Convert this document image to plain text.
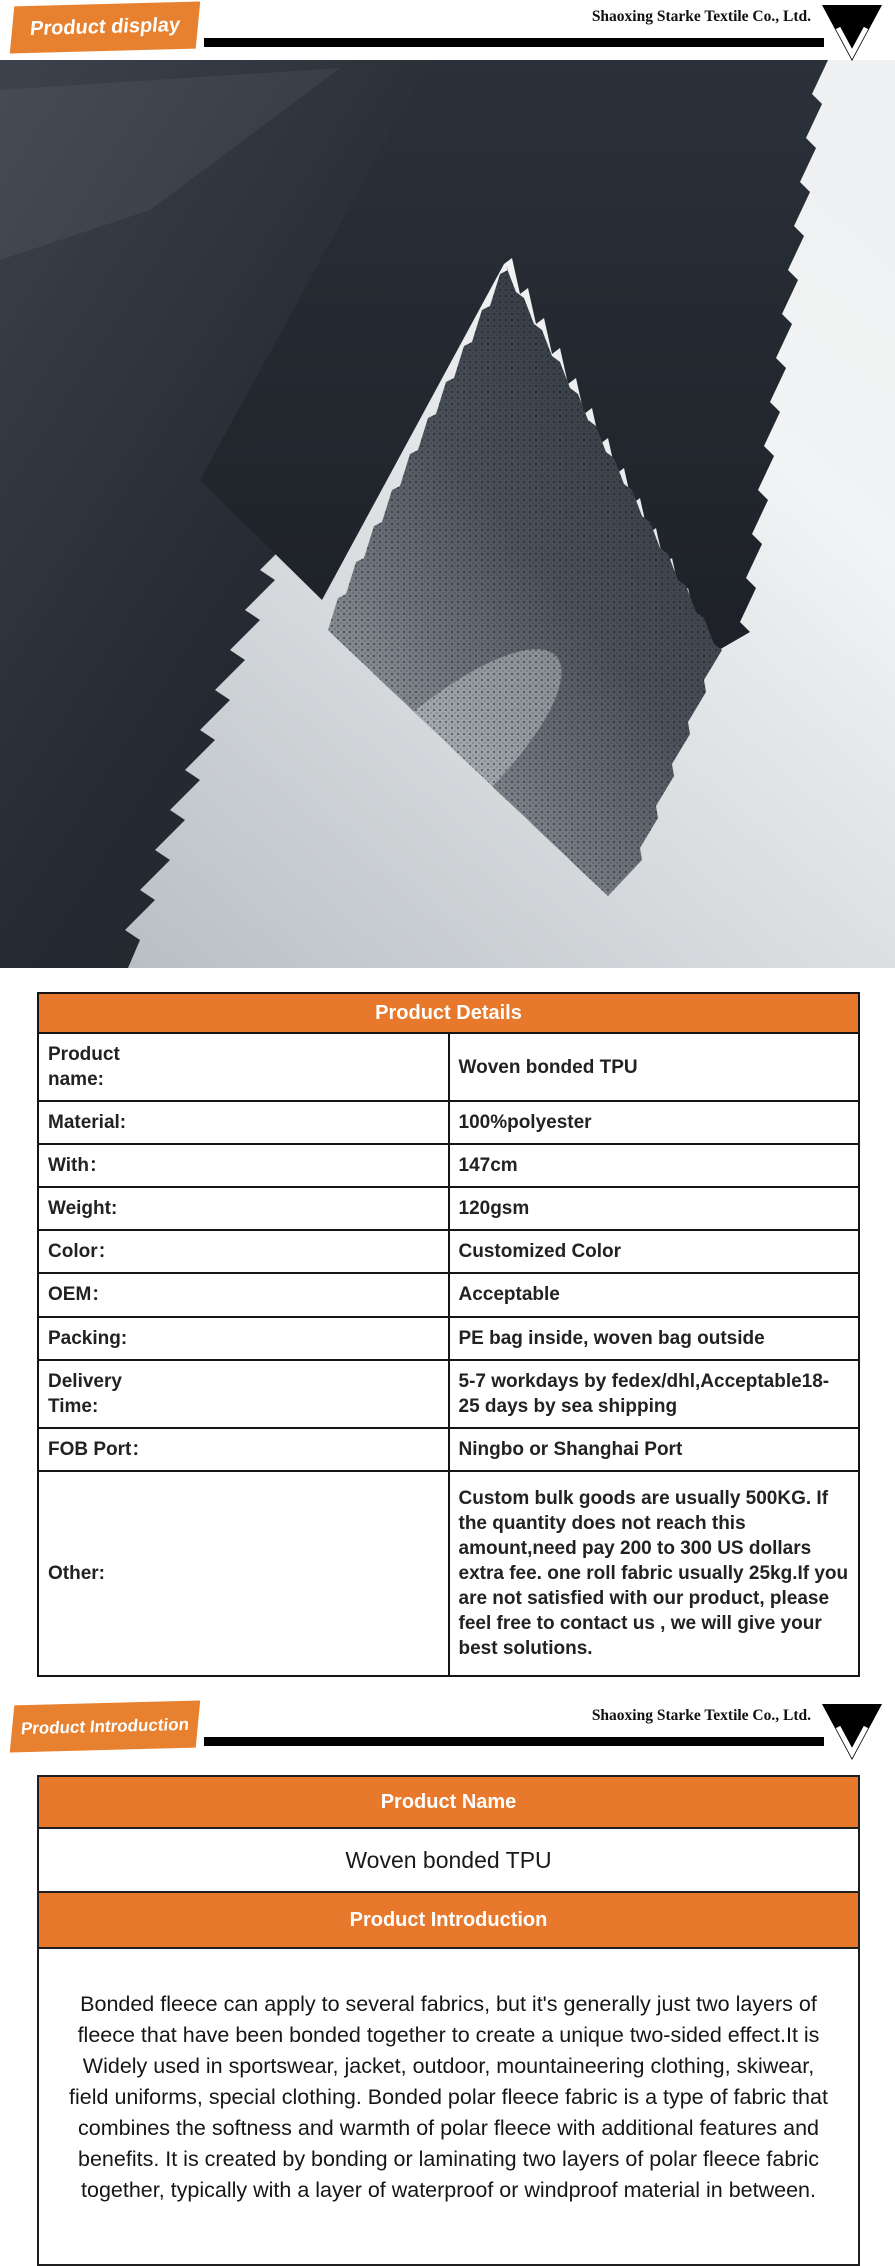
Product display	Shaoxing Starke Textile Co., Ltd.
Product Details	
Product name:	Woven bonded TPU
Material:	100%polyester
With：	147cm
Weight:	120gsm
Color：	Customized Color
OEM：	Acceptable
Packing:	PE bag inside, woven bag outside
Delivery Time:	5-7 workdays by fedex/dhl,Acceptable18-25 days by sea shipping
FOB Port：	Ningbo or Shanghai Port
Other:	Custom bulk goods are usually 500KG. If the quantity does not reach this amount,need pay 200 to 300 US dollars extra fee. one roll fabric usually 25kg.If you are not satisfied with our product, please feel free to contact us , we will give your best solutions.
Product Introduction	Shaoxing Starke Textile Co., Ltd.
Product Name
Woven bonded TPU
Product Introduction
Bonded fleece can apply to several fabrics, but it's generally just two layers of fleece that have been bonded together to create a unique two-sided effect.It is Widely used in sportswear, jacket, outdoor, mountaineering clothing, skiwear, field uniforms, special clothing. Bonded polar fleece fabric is a type of fabric that combines the softness and warmth of polar fleece with additional features and benefits. It is created by bonding or laminating two layers of polar fleece fabric together, typically with a layer of waterproof or windproof material in between.
